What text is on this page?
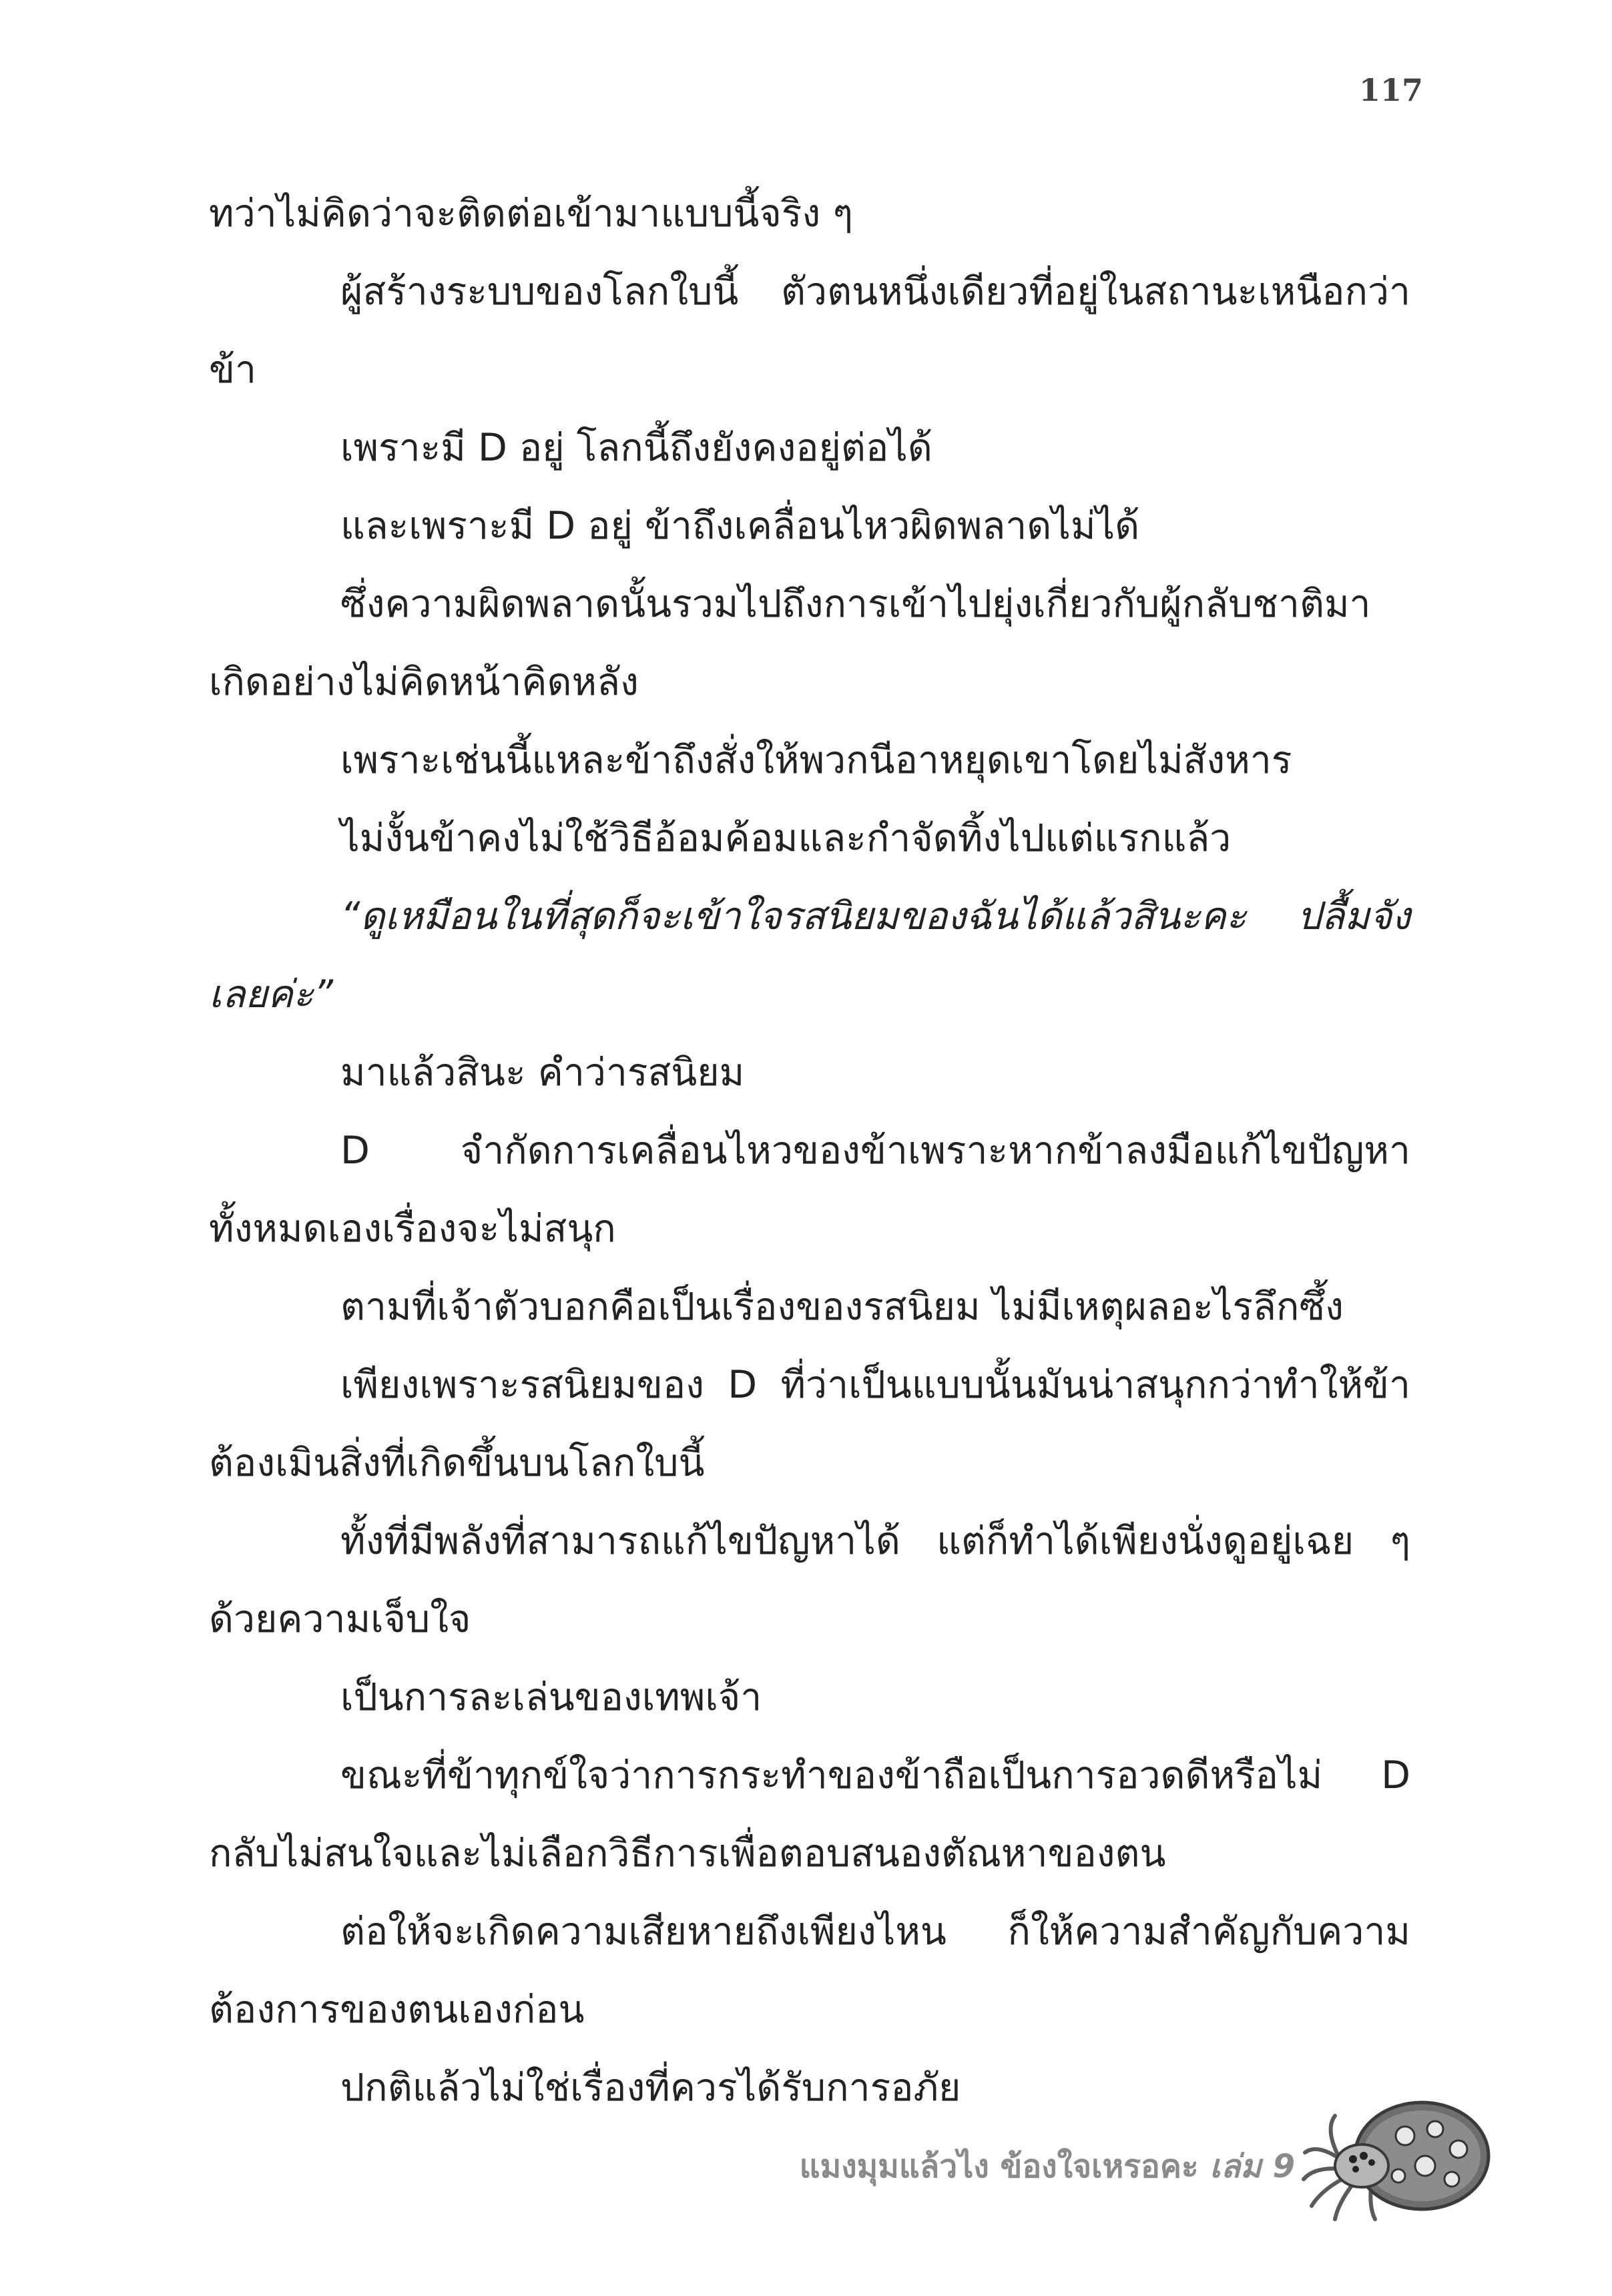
117

ทว่าไม่คิดว่าจะติดต่อเข้ามาแบบนี้จริง ๆ

ผู้สร้างระบบของโลกใบนี้ ตัวตนหนึ่งเดียวที่อยู่ในสถานะเหนือกว่าข้า

เพราะมี D อยู่ โลกนี้ถึงยังคงอยู่ต่อได้

และเพราะมี D อยู่ ข้าถึงเคลื่อนไหวผิดพลาดไม่ได้

ซึ่งความผิดพลาดนั้นรวมไปถึงการเข้าไปยุ่งเกี่ยวกับผู้กลับชาติมาเกิดอย่างไม่คิดหน้าคิดหลัง

เพราะเช่นนี้แหละข้าถึงสั่งให้พวกนีอาหยุดเขาโดยไม่สังหาร

ไม่งั้นข้าคงไม่ใช้วิธีอ้อมค้อมและกำจัดทิ้งไปแต่แรกแล้ว

“ดูเหมือนในที่สุดก็จะเข้าใจรสนิยมของฉันได้แล้วสินะคะ ปลื้มจังเลยค่ะ”

มาแล้วสินะ คำว่ารสนิยม

D จำกัดการเคลื่อนไหวของข้าเพราะหากข้าลงมือแก้ไขปัญหาทั้งหมดเองเรื่องจะไม่สนุก

ตามที่เจ้าตัวบอกคือเป็นเรื่องของรสนิยม ไม่มีเหตุผลอะไรลึกซึ้ง

เพียงเพราะรสนิยมของ D ที่ว่าเป็นแบบนั้นมันน่าสนุกกว่าทำให้ข้าต้องเมินสิ่งที่เกิดขึ้นบนโลกใบนี้

ทั้งที่มีพลังที่สามารถแก้ไขปัญหาได้ แต่ก็ทำได้เพียงนั่งดูอยู่เฉย ๆ ด้วยความเจ็บใจ

เป็นการละเล่นของเทพเจ้า

ขณะที่ข้าทุกข์ใจว่าการกระทำของข้าถือเป็นการอวดดีหรือไม่ D กลับไม่สนใจและไม่เลือกวิธีการเพื่อตอบสนองตัณหาของตน

ต่อให้จะเกิดความเสียหายถึงเพียงไหน ก็ให้ความสำคัญกับความต้องการของตนเองก่อน

ปกติแล้วไม่ใช่เรื่องที่ควรได้รับการอภัย

แมงมุมแล้วไง ข้องใจเหรอคะ เล่ม 9
